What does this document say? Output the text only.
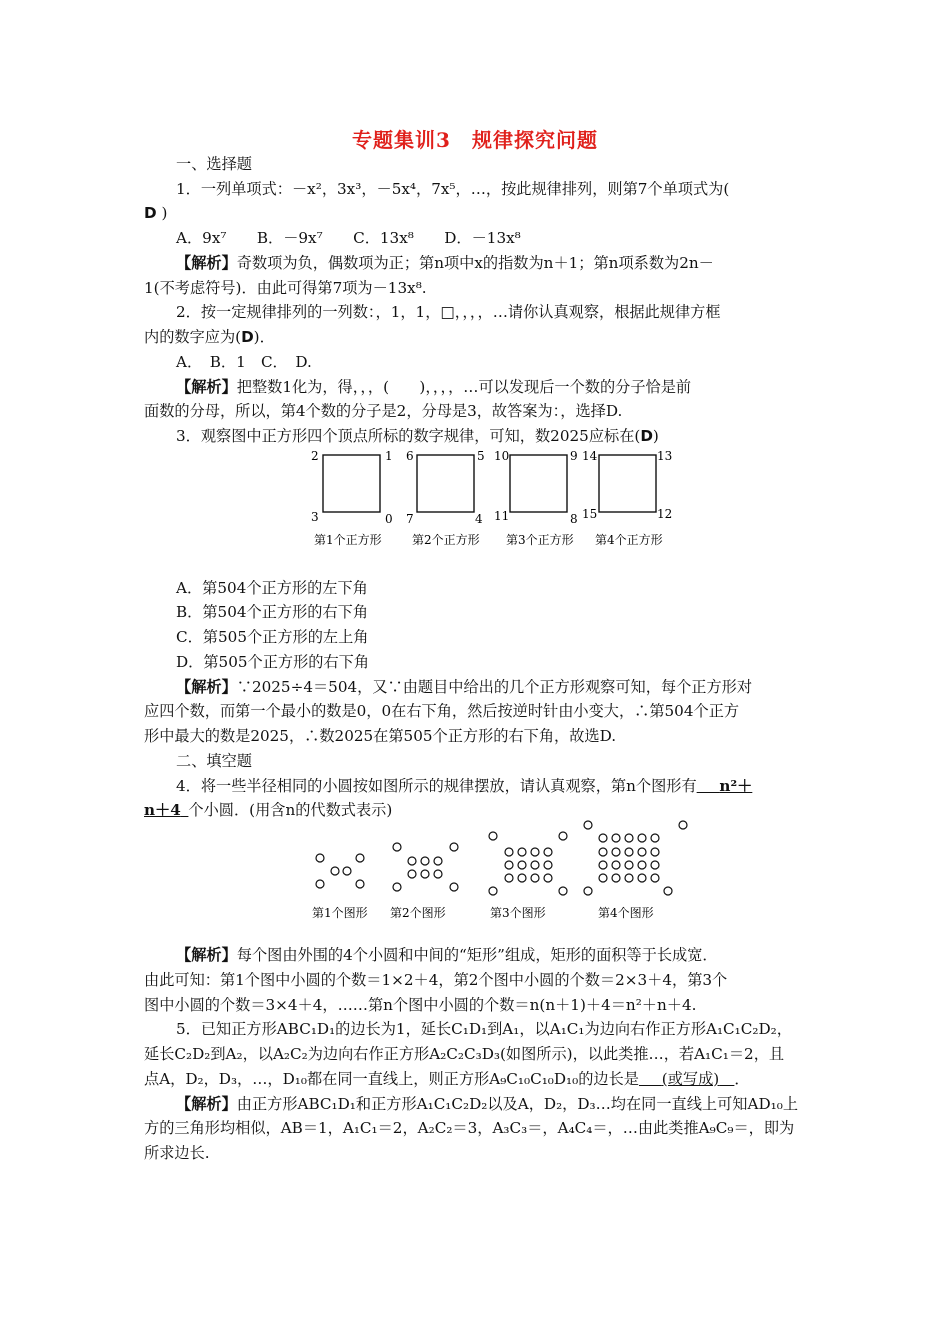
专题集训3　规律探究问题
一、选择题
1．一列单项式：－x²，3x³，－5x⁴，7x⁵，…，按此规律排列，则第7个单项式为(
D )
A．9x⁷　　B．－9x⁷　　C．13x⁸　　D．－13x⁸
【解析】奇数项为负，偶数项为正；第n项中x的指数为n＋1；第n项系数为2n－
1(不考虑符号)．由此可得第7项为－13x⁸.
2．按一定规律排列的一列数：，1，1，□，，，，…请你认真观察，根据此规律方框
内的数字应为(D)．
A．　B．1　C．　D.
【解析】把整数1化为，得，，，(　　)，，，，…可以发现后一个数的分子恰是前
面数的分母，所以，第4个数的分子是2，分母是3，故答案为：，选择D.
3．观察图中正方形四个顶点所标的数字规律，可知，数2025应标在(D)
2	1
3	0
第1个正方形
6	5
7	4
第2个正方形
10	9
11	8
第3个正方形
14	13
15	12
第4个正方形
A．第504个正方形的左下角
B．第504个正方形的右下角
C．第505个正方形的左上角
D．第505个正方形的右下角
【解析】∵2025÷4＝504，又∵由题目中给出的几个正方形观察可知，每个正方形对
应四个数，而第一个最小的数是0，0在右下角，然后按逆时针由小变大，∴第504个正方
形中最大的数是2025，∴数2025在第505个正方形的右下角，故选D.
二、填空题
4．将一些半径相同的小圆按如图所示的规律摆放，请认真观察，第n个图形有   n²＋
n＋4  个小圆．(用含n的代数式表示)
第1个图形 第2个图形	第3个图形	第4个图形
【解析】每个图由外围的4个小圆和中间的“矩形”组成，矩形的面积等于长成宽．
由此可知：第1个图中小圆的个数＝1×2＋4，第2个图中小圆的个数＝2×3＋4，第3个
图中小圆的个数＝3×4＋4，……第n个图中小圆的个数＝n(n＋1)＋4＝n²＋n＋4.
5．已知正方形ABC₁D₁的边长为1，延长C₁D₁到A₁，以A₁C₁为边向右作正方形A₁C₁C₂D₂，
延长C₂D₂到A₂，以A₂C₂为边向右作正方形A₂C₂C₃D₃(如图所示)，以此类推…，若A₁C₁＝2，且
点A，D₂，D₃，…，D₁₀都在同一直线上，则正方形A₉C₁₀C₁₀D₁₀的边长是   (或写成)  ．
【解析】由正方形ABC₁D₁和正方形A₁C₁C₂D₂以及A，D₂，D₃…均在同一直线上可知AD₁₀上
方的三角形均相似，AB＝1，A₁C₁＝2，A₂C₂＝3，A₃C₃＝，A₄C₄＝，…由此类推A₉C₉＝，即为
所求边长.
